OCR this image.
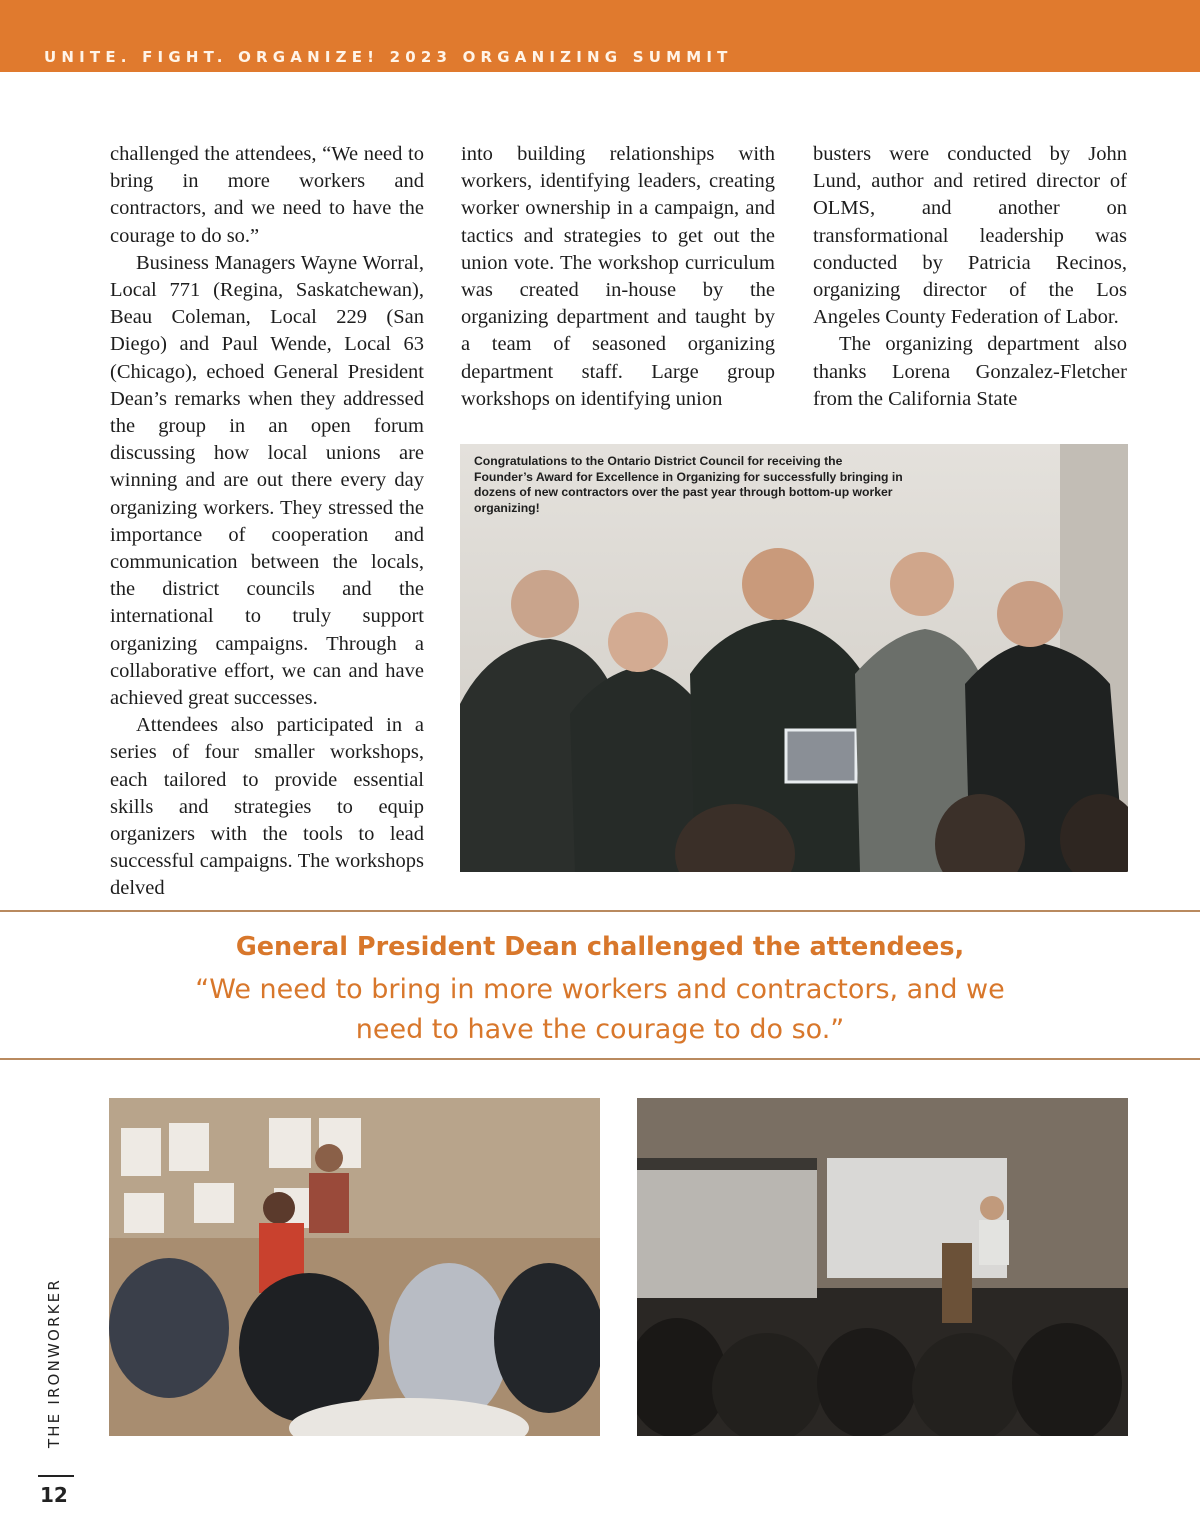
UNITE. FIGHT. ORGANIZE! 2023 ORGANIZING SUMMIT

challenged the attendees, “We need to bring in more workers and contractors, and we need to have the courage to do so.”

Business Managers Wayne Worral, Local 771 (Regina, Saskatchewan), Beau Coleman, Local 229 (San Diego) and Paul Wende, Local 63 (Chicago), echoed General President Dean’s remarks when they addressed the group in an open forum discussing how local unions are winning and are out there every day organizing workers. They stressed the importance of cooperation and communication between the locals, the district councils and the international to truly support organizing campaigns. Through a collaborative effort, we can and have achieved great successes.

Attendees also participated in a series of four smaller workshops, each tailored to provide essential skills and strategies to equip organizers with the tools to lead successful campaigns. The workshops delved

into building relationships with workers, identifying leaders, creating worker ownership in a campaign, and tactics and strategies to get out the union vote. The workshop curriculum was created in-house by the organizing department and taught by a team of seasoned organizing department staff. Large group workshops on identifying union

busters were conducted by John Lund, author and retired director of OLMS, and another on transformational leadership was conducted by Patricia Recinos, organizing director of the Los Angeles County Federation of Labor.

The organizing department also thanks Lorena Gonzalez-Fletcher from the California State

Congratulations to the Ontario District Council for receiving the Founder’s Award for Excellence in Organizing for successfully bringing in dozens of new contractors over the past year through bottom-up worker organizing!
General President Dean challenged the attendees,
“We need to bring in more workers and contractors, and we
need to have the courage to do so.”
THE IRONWORKER
12
